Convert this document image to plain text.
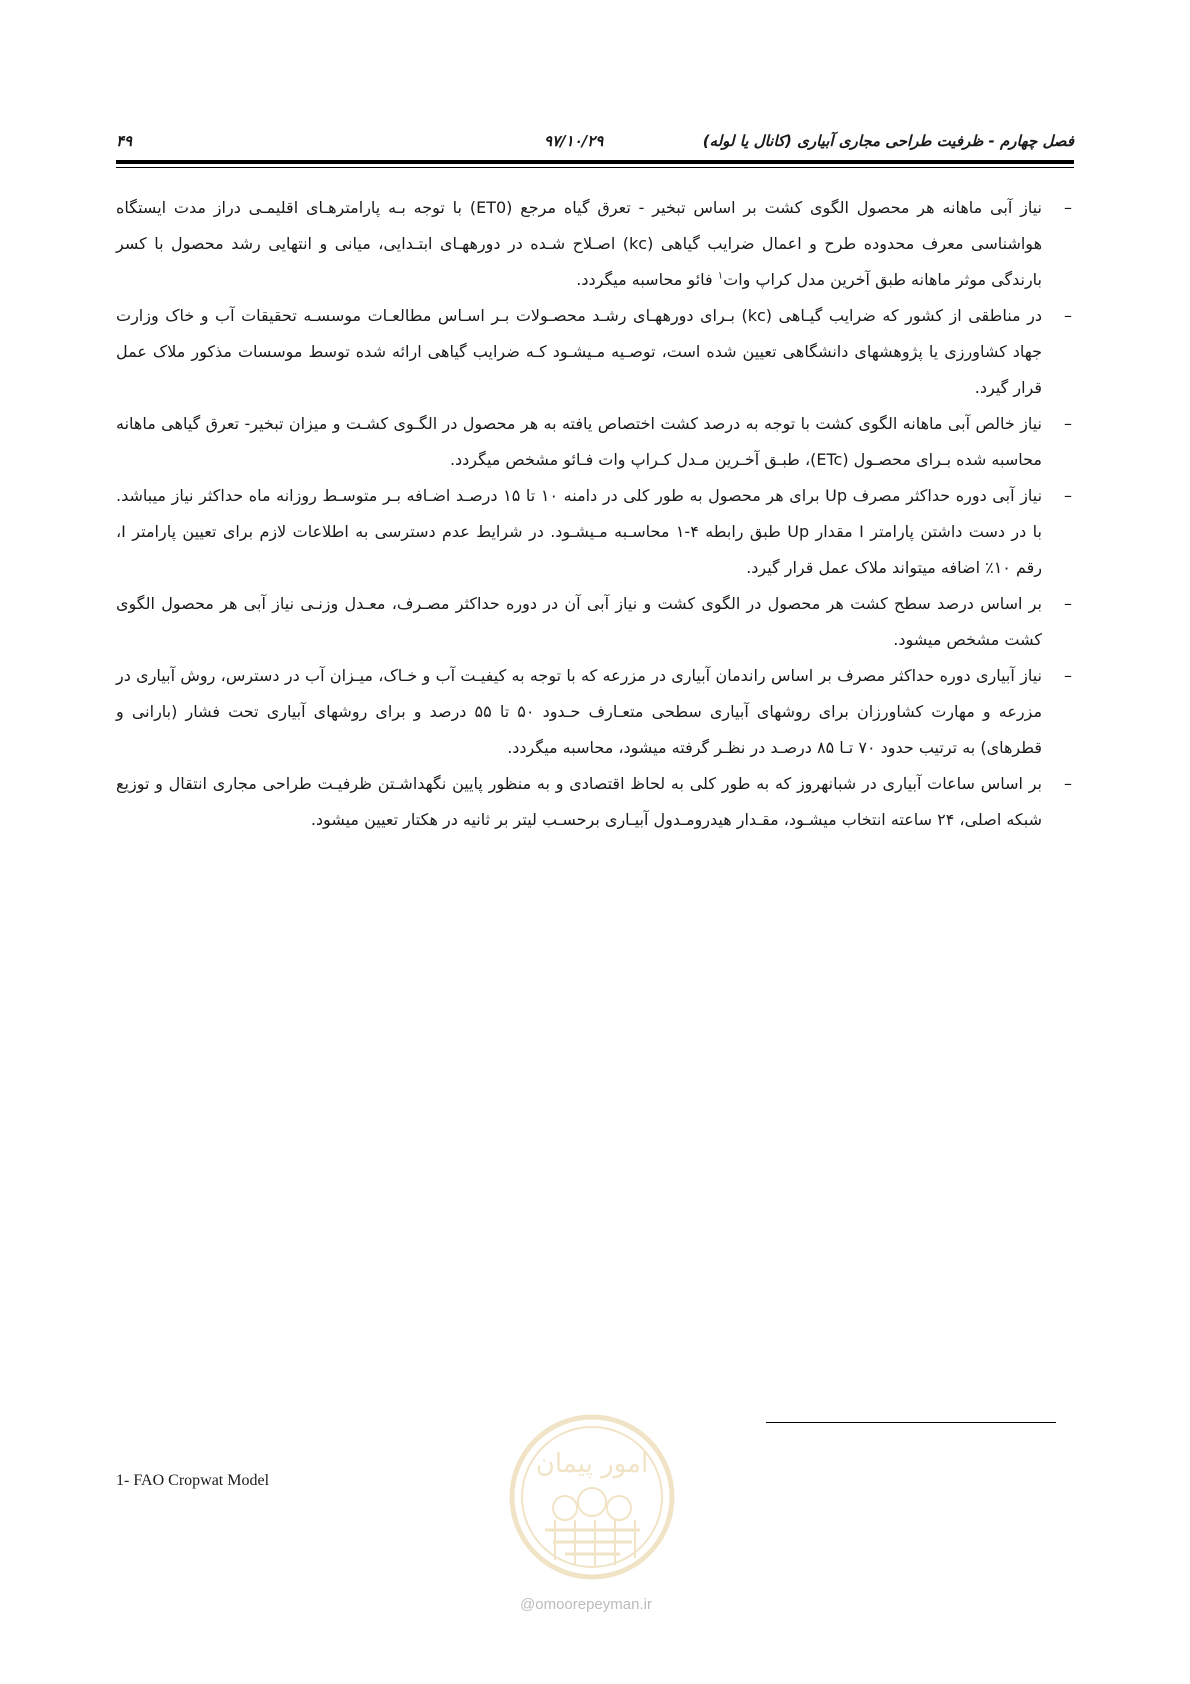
فصل چهارم - ظرفیت طراحی مجاری آبیاری (کانال یا لوله)
۹۷/۱۰/۲۹
۴۹

–
نیاز آبی ماهانه هر محصول الگوی کشت بر اساس تبخیر - تعرق گیاه مرجع (ET0) با توجه بـه پارامترهـای اقلیمـی دراز مدت ایستگاه هواشناسی معرف محدوده طرح و اعمال ضرایب گیاهی (kc) اصـلاح شـده در دورههـای ابتـدایی، میانی و انتهایی رشد محصول با کسر بارندگی موثر ماهانه طبق آخرین مدل کراپ وات$^۱$ فائو محاسبه میگردد.

–
در مناطقی از کشور که ضرایب گیـاهی (kc) بـرای دورههـای رشـد محصـولات بـر اسـاس مطالعـات موسسـه تحقیقات آب و خاک وزارت جهاد کشاورزی یا پژوهشهای دانشگاهی تعیین شده است، توصـیه مـیشـود کـه ضرایب گیاهی ارائه شده توسط موسسات مذکور ملاک عمل قرار گیرد.

–
نیاز خالص آبی ماهانه الگوی کشت با توجه به درصد کشت اختصاص یافته به هر محصول در الگـوی کشـت و میزان تبخیر- تعرق گیاهی ماهانه محاسبه شده بـرای محصـول (ETc)، طبـق آخـرین مـدل کـراپ وات فـائو مشخص میگردد.

–
نیاز آبی دوره حداکثر مصرف Up برای هر محصول به طور کلی در دامنه ۱۰ تا ۱۵ درصـد اضـافه بـر متوسـط روزانه ماه حداکثر نیاز میباشد. با در دست داشتن پارامتر I مقدار Up طبق رابطه ۴-۱ محاسـبه مـیشـود. در شرایط عدم دسترسی به اطلاعات لازم برای تعیین پارامتر I، رقم ۱۰٪ اضافه میتواند ملاک عمل قرار گیرد.

–
بر اساس درصد سطح کشت هر محصول در الگوی کشت و نیاز آبی آن در دوره حداکثر مصـرف، معـدل وزنـی نیاز آبی هر محصول الگوی کشت مشخص میشود.

–
نیاز آبیاری دوره حداکثر مصرف بر اساس راندمان آبیاری در مزرعه که با توجه به کیفیـت آب و خـاک، میـزان آب در دسترس، روش آبیاری در مزرعه و مهارت کشاورزان برای روشهای آبیاری سطحی متعـارف حـدود ۵۰ تا ۵۵ درصد و برای روشهای آبیاری تحت فشار (بارانی و قطرهای) به ترتیب حدود ۷۰ تـا ۸۵ درصـد در نظـر گرفته میشود، محاسبه میگردد.

–
بر اساس ساعات آبیاری در شبانهروز که به طور کلی به لحاظ اقتصادی و به منظور پایین نگهداشـتن ظرفیـت طراحی مجاری انتقال و توزیع شبکه اصلی، ۲۴ ساعته انتخاب میشـود، مقـدار هیدرومـدول آبیـاری برحسـب لیتر بر ثانیه در هکتار تعیین میشود.

1- FAO Cropwat Model
امور پیمان
@omoorepeyman.ir
